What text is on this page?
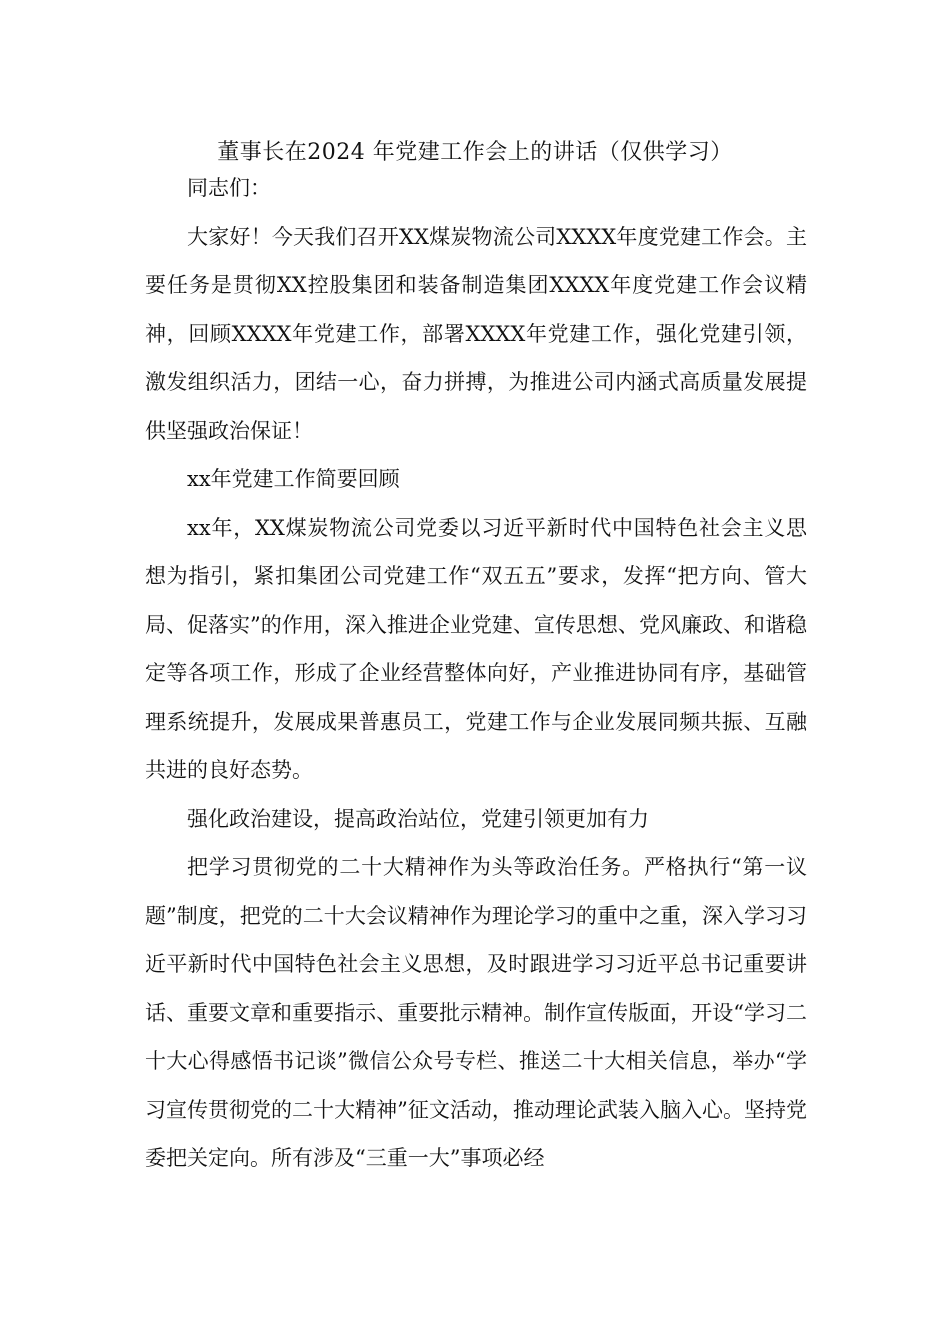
董事长在2024 年党建工作会上的讲话（仅供学习）

同志们：

大家好！今天我们召开XX煤炭物流公司XXXX年度党建工作会。主要任务是贯彻XX控股集团和装备制造集团XXXX年度党建工作会议精神，回顾XXXX年党建工作，部署XXXX年党建工作，强化党建引领，激发组织活力，团结一心，奋力拼搏，为推进公司内涵式高质量发展提供坚强政治保证！

xx年党建工作简要回顾

xx年，XX煤炭物流公司党委以习近平新时代中国特色社会主义思想为指引，紧扣集团公司党建工作“双五五”要求，发挥“把方向、管大局、促落实”的作用，深入推进企业党建、宣传思想、党风廉政、和谐稳定等各项工作，形成了企业经营整体向好，产业推进协同有序，基础管理系统提升，发展成果普惠员工，党建工作与企业发展同频共振、互融共进的良好态势。

强化政治建设，提高政治站位，党建引领更加有力

把学习贯彻党的二十大精神作为头等政治任务。严格执行“第一议题”制度，把党的二十大会议精神作为理论学习的重中之重，深入学习习近平新时代中国特色社会主义思想，及时跟进学习习近平总书记重要讲话、重要文章和重要指示、重要批示精神。制作宣传版面，开设“学习二十大心得感悟书记谈”微信公众号专栏、推送二十大相关信息，举办“学习宣传贯彻党的二十大精神”征文活动，推动理论武装入脑入心。坚持党委把关定向。所有涉及“三重一大”事项必经
